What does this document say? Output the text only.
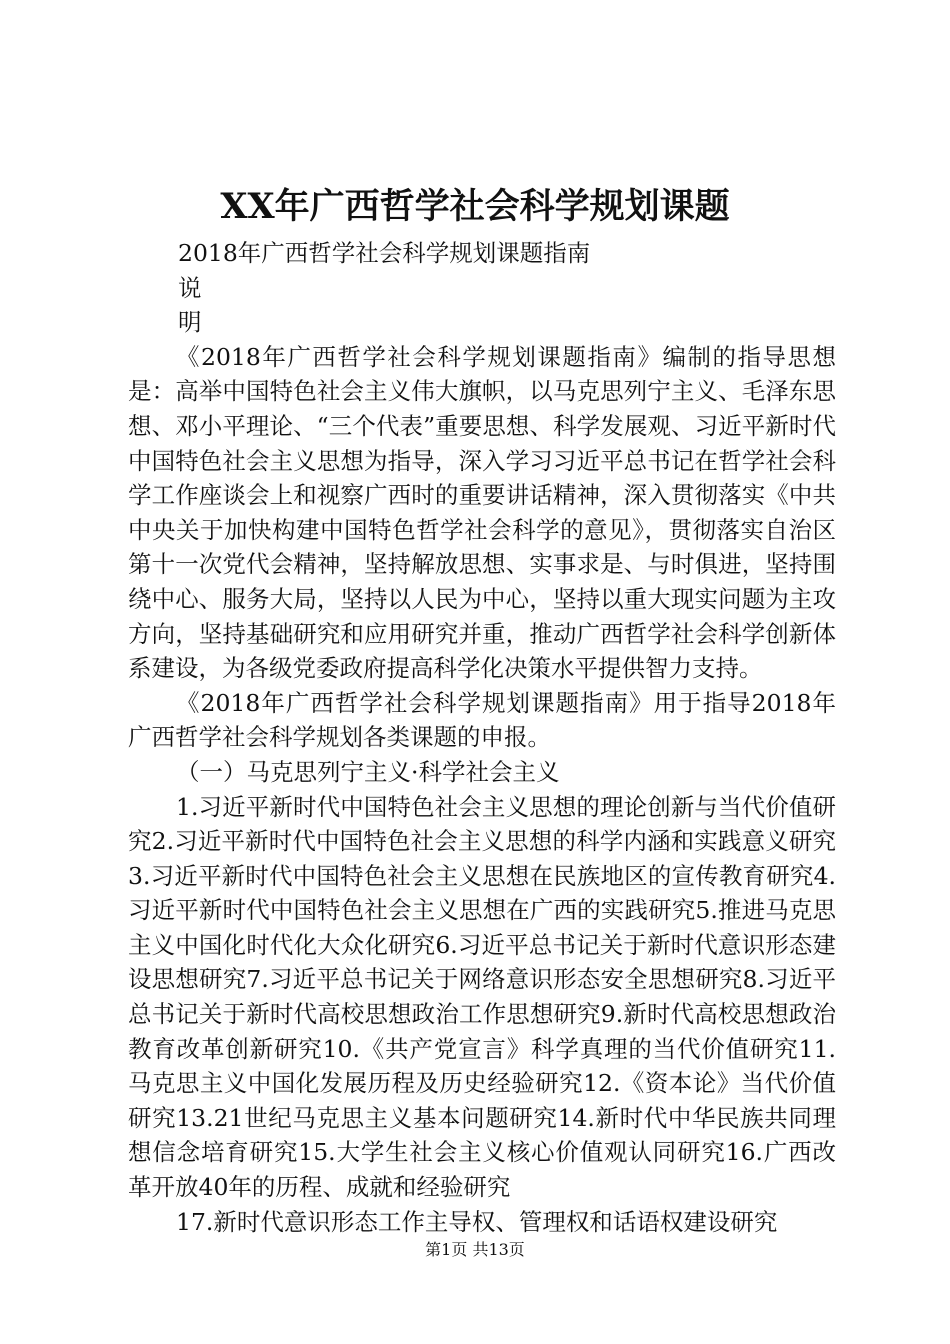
XX年广西哲学社会科学规划课题

2018年广西哲学社会科学规划课题指南

说

明

《2018年广西哲学社会科学规划课题指南》编制的指导思想是：高举中国特色社会主义伟大旗帜，以马克思列宁主义、毛泽东思想、邓小平理论、“三个代表”重要思想、科学发展观、习近平新时代中国特色社会主义思想为指导，深入学习习近平总书记在哲学社会科学工作座谈会上和视察广西时的重要讲话精神，深入贯彻落实《中共中央关于加快构建中国特色哲学社会科学的意见》，贯彻落实自治区第十一次党代会精神，坚持解放思想、实事求是、与时俱进，坚持围绕中心、服务大局，坚持以人民为中心，坚持以重大现实问题为主攻方向，坚持基础研究和应用研究并重，推动广西哲学社会科学创新体系建设，为各级党委政府提高科学化决策水平提供智力支持。

《2018年广西哲学社会科学规划课题指南》用于指导2018年广西哲学社会科学规划各类课题的申报。

（一）马克思列宁主义·科学社会主义

1.习近平新时代中国特色社会主义思想的理论创新与当代价值研究2.习近平新时代中国特色社会主义思想的科学内涵和实践意义研究3.习近平新时代中国特色社会主义思想在民族地区的宣传教育研究4.习近平新时代中国特色社会主义思想在广西的实践研究5.推进马克思主义中国化时代化大众化研究6.习近平总书记关于新时代意识形态建设思想研究7.习近平总书记关于网络意识形态安全思想研究8.习近平总书记关于新时代高校思想政治工作思想研究9.新时代高校思想政治教育改革创新研究10.《共产党宣言》科学真理的当代价值研究11.马克思主义中国化发展历程及历史经验研究12.《资本论》当代价值研究13.21世纪马克思主义基本问题研究14.新时代中华民族共同理想信念培育研究15.大学生社会主义核心价值观认同研究16.广西改革开放40年的历程、成就和经验研究

17.新时代意识形态工作主导权、管理权和话语权建设研究

第1页 共13页
